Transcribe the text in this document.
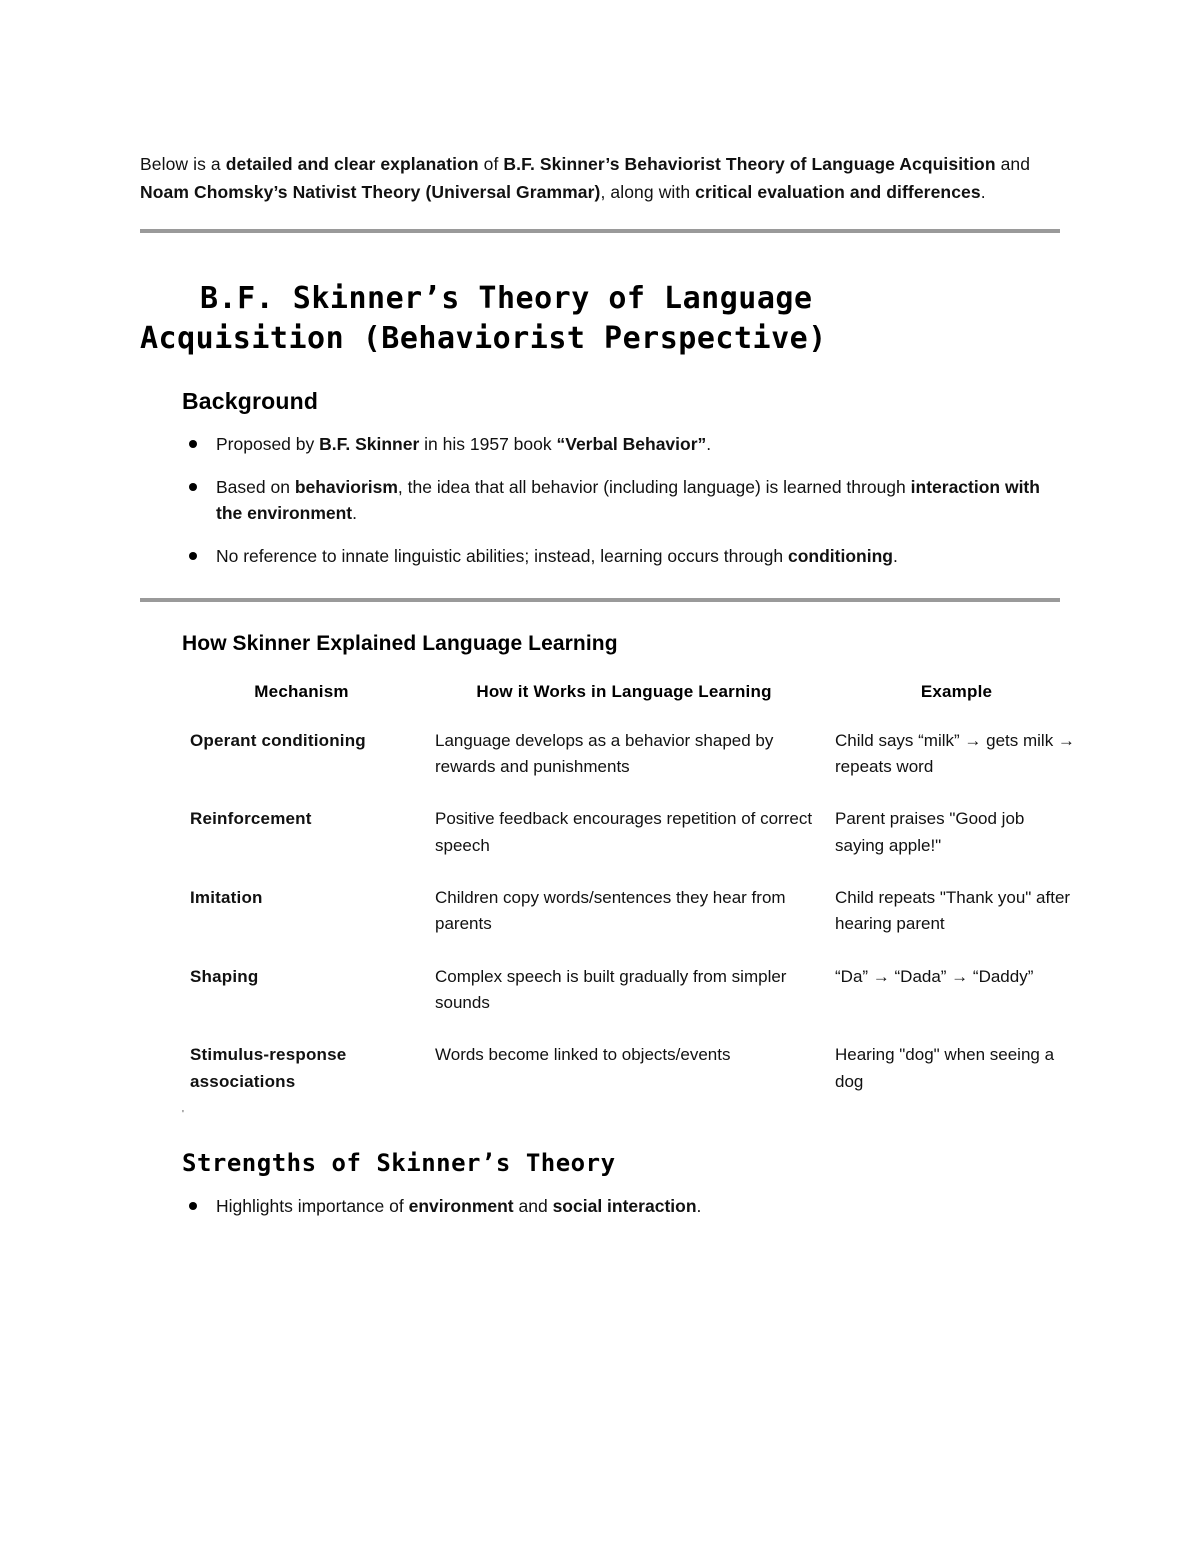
Below is a detailed and clear explanation of B.F. Skinner’s Behaviorist Theory of Language Acquisition and Noam Chomsky’s Nativist Theory (Universal Grammar), along with critical evaluation and differences.

B.F. Skinner’s Theory of Language
Acquisition (Behaviorist Perspective)
Background
Proposed by B.F. Skinner in his 1957 book “Verbal Behavior”.
Based on behaviorism, the idea that all behavior (including language) is learned through interaction with the environment.
No reference to innate linguistic abilities; instead, learning occurs through conditioning.
How Skinner Explained Language Learning
Mechanism	How it Works in Language Learning	Example
Operant conditioning	Language develops as a behavior shaped by rewards and punishments	Child says “milk” → gets milk → repeats word
Reinforcement	Positive feedback encourages repetition of correct speech	Parent praises "Good job saying apple!"
Imitation	Children copy words/sentences they hear from parents	Child repeats "Thank you" after hearing parent
Shaping	Complex speech is built gradually from simpler sounds	“Da” → “Dada” → “Daddy”
Stimulus-response associations	Words become linked to objects/events	Hearing "dog" when seeing a dog
'
Strengths of Skinner’s Theory
Highlights importance of environment and social interaction.
